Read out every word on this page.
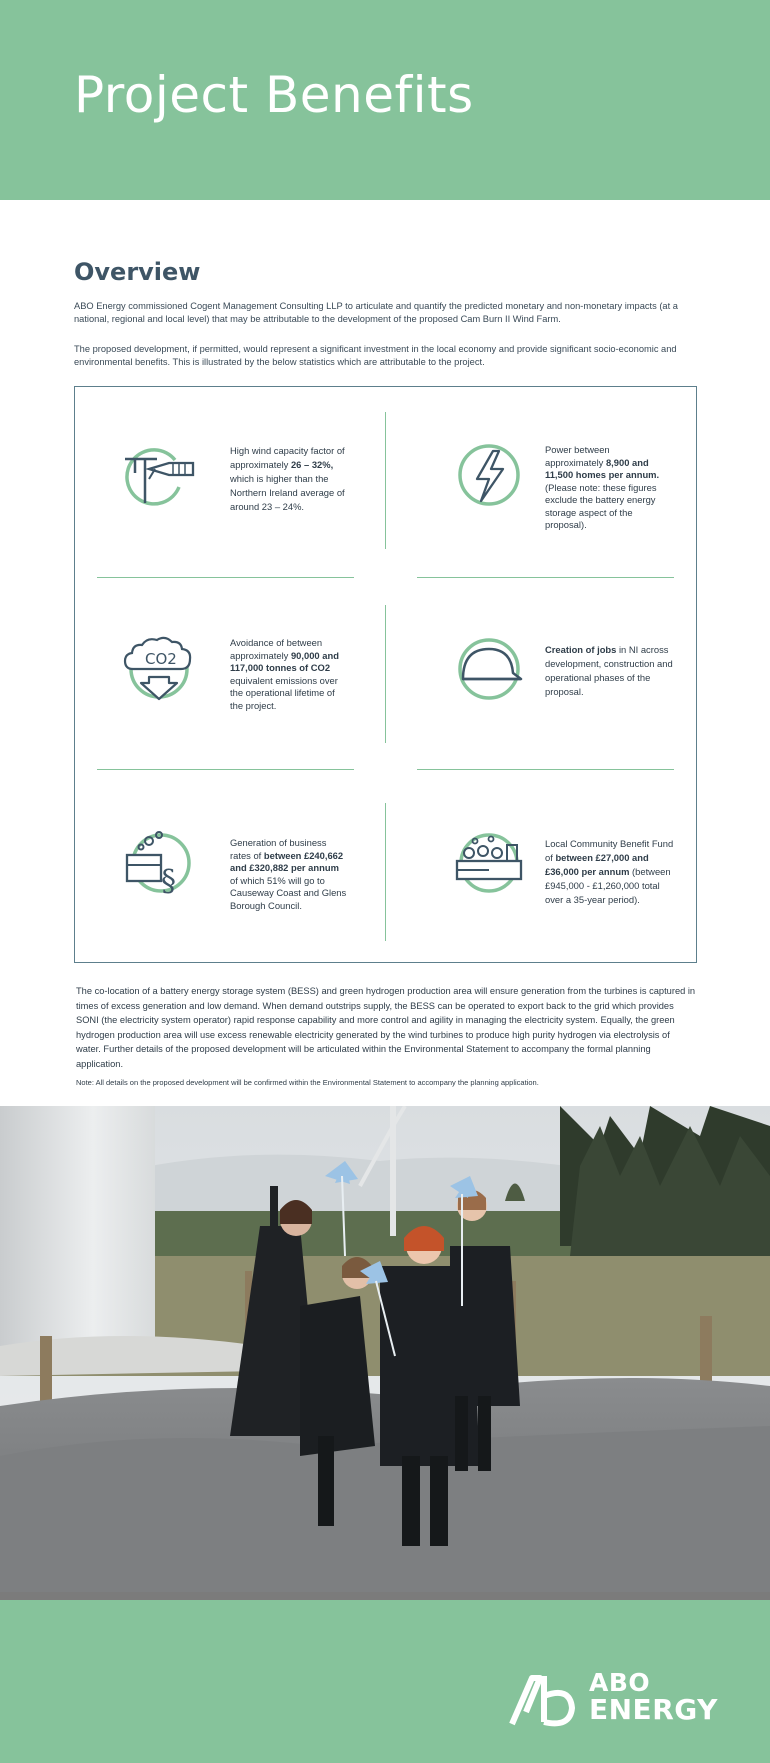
Project Benefits
Overview

ABO Energy commissioned Cogent Management Consulting LLP to articulate and quantify the predicted monetary and non-monetary impacts (at a national, regional and local level) that may be attributable to the development of the proposed Cam Burn II Wind Farm.

The proposed development, if permitted, would represent a significant investment in the local economy and provide significant socio-economic and environmental benefits. This is illustrated by the below statistics which are attributable to the project.

High wind capacity factor of approximately 26 – 32%, which is higher than the Northern Ireland average of around 23 – 24%.
Power between approximately 8,900 and 11,500 homes per annum. (Please note: these figures exclude the battery energy storage aspect of the proposal).
CO2
Avoidance of between approximately 90,000 and 117,000 tonnes of CO2 equivalent emissions over the operational lifetime of the project.
Creation of jobs in NI across development, construction and operational phases of the proposal.
§
Generation of business rates of between £240,662 and £320,882 per annum of which 51% will go to Causeway Coast and Glens Borough Council.
Local Community Benefit Fund of between £27,000 and £36,000 per annum (between £945,000 - £1,260,000 total over a 35-year period).

The co-location of a battery energy storage system (BESS) and green hydrogen production area will ensure generation from the turbines is captured in times of excess generation and low demand. When demand outstrips supply, the BESS can be operated to export back to the grid which provides SONI (the electricity system operator) rapid response capability and more control and agility in managing the electricity system. Equally, the green hydrogen production area will use excess renewable electricity generated by the wind turbines to produce high purity hydrogen via electrolysis of water. Further details of the proposed development will be articulated within the Environmental Statement to accompany the formal planning application.

Note: All details on the proposed development will be confirmed within the Environmental Statement to accompany the planning application.

ABO
ENERGY
